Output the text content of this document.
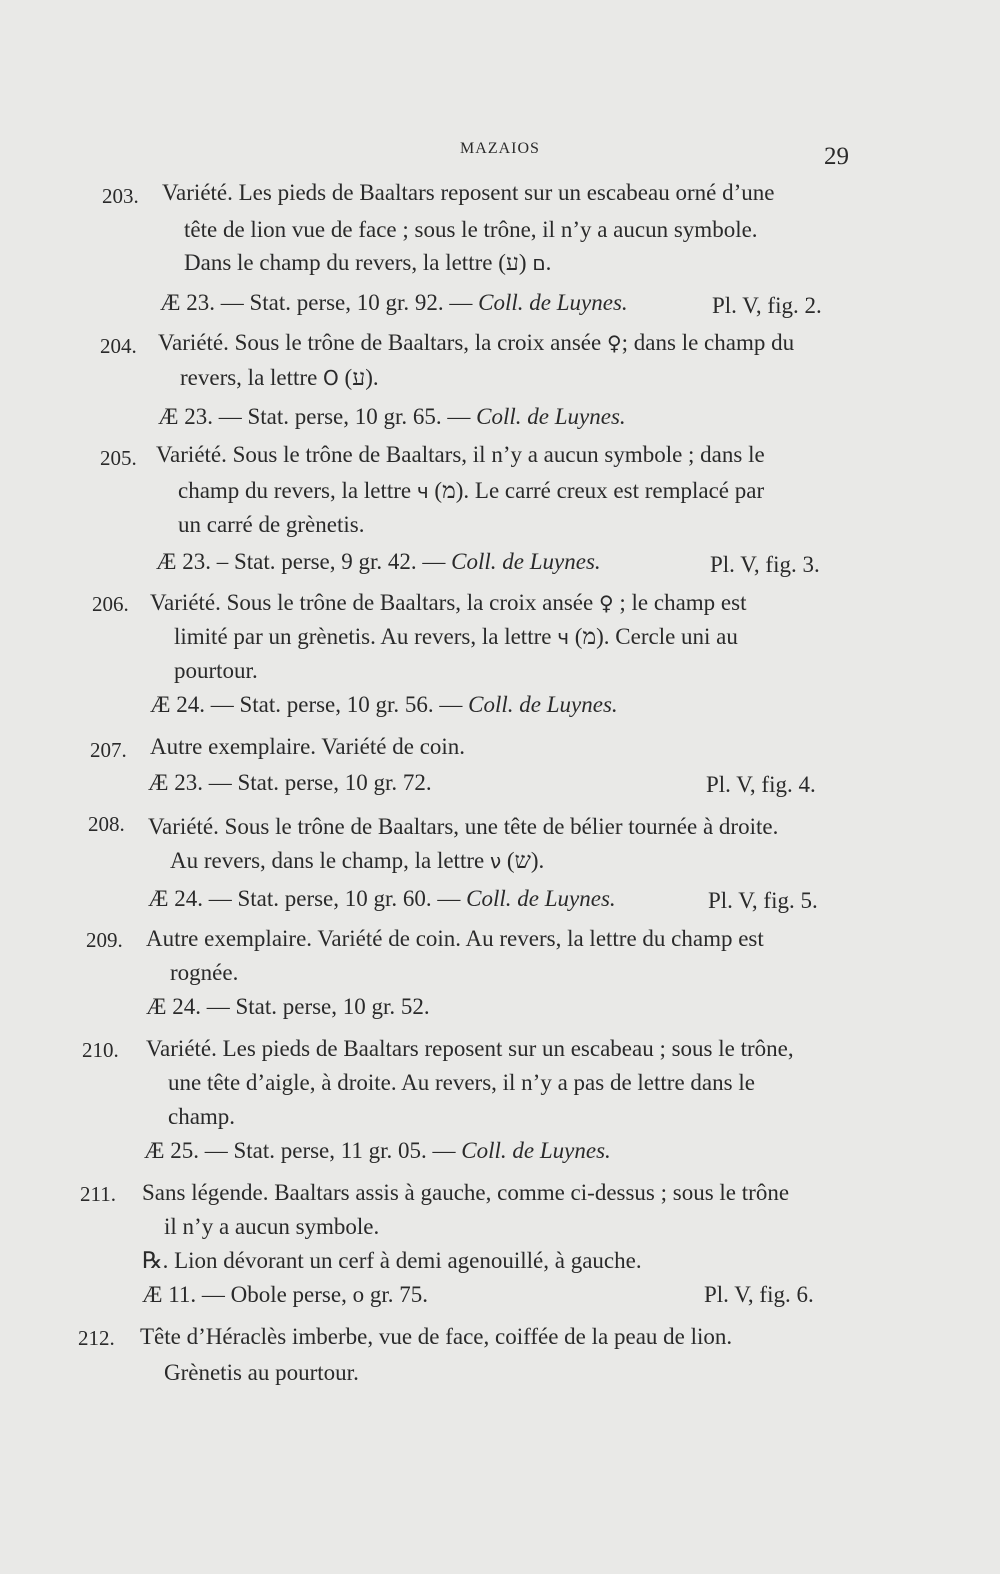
MAZAIOS	29
203. Variété. Les pieds de Baaltars reposent sur un escabeau orné d’une
tête de lion vue de face ; sous le trône, il n’y a aucun symbole.
Dans le champ du revers, la lettre ם (ע).
Æ 23. — Stat. perse, 10 gr. 92. — Coll. de Luynes.	Pl. V, fig. 2.
204. Variété. Sous le trône de Baaltars, la croix ansée ♀; dans le champ du
revers, la lettre O (ע).
Æ 23. — Stat. perse, 10 gr. 65. — Coll. de Luynes.
205. Variété. Sous le trône de Baaltars, il n’y a aucun symbole ; dans le
champ du revers, la lettre ч (מ). Le carré creux est remplacé par
un carré de grènetis.
Æ 23. – Stat. perse, 9 gr. 42. — Coll. de Luynes.	Pl. V, fig. 3.
206. Variété. Sous le trône de Baaltars, la croix ansée ♀ ; le champ est
limité par un grènetis. Au revers, la lettre ч (מ). Cercle uni au
pourtour.
Æ 24. — Stat. perse, 10 gr. 56. — Coll. de Luynes.
207. Autre exemplaire. Variété de coin.
Æ 23. — Stat. perse, 10 gr. 72.	Pl. V, fig. 4.
208. Variété. Sous le trône de Baaltars, une tête de bélier tournée à droite.
Au revers, dans le champ, la lettre ν (ש).
Æ 24. — Stat. perse, 10 gr. 60. — Coll. de Luynes.	Pl. V, fig. 5.
209. Autre exemplaire. Variété de coin. Au revers, la lettre du champ est
rognée.
Æ 24. — Stat. perse, 10 gr. 52.
210. Variété. Les pieds de Baaltars reposent sur un escabeau ; sous le trône,
une tête d’aigle, à droite. Au revers, il n’y a pas de lettre dans le
champ.
Æ 25. — Stat. perse, 11 gr. 05. — Coll. de Luynes.
211. Sans légende. Baaltars assis à gauche, comme ci-dessus ; sous le trône
il n’y a aucun symbole.
℞. Lion dévorant un cerf à demi agenouillé, à gauche.
Æ 11. — Obole perse, o gr. 75.	Pl. V, fig. 6.
212. Tête d’Héraclès imberbe, vue de face, coiffée de la peau de lion.
Grènetis au pourtour.
